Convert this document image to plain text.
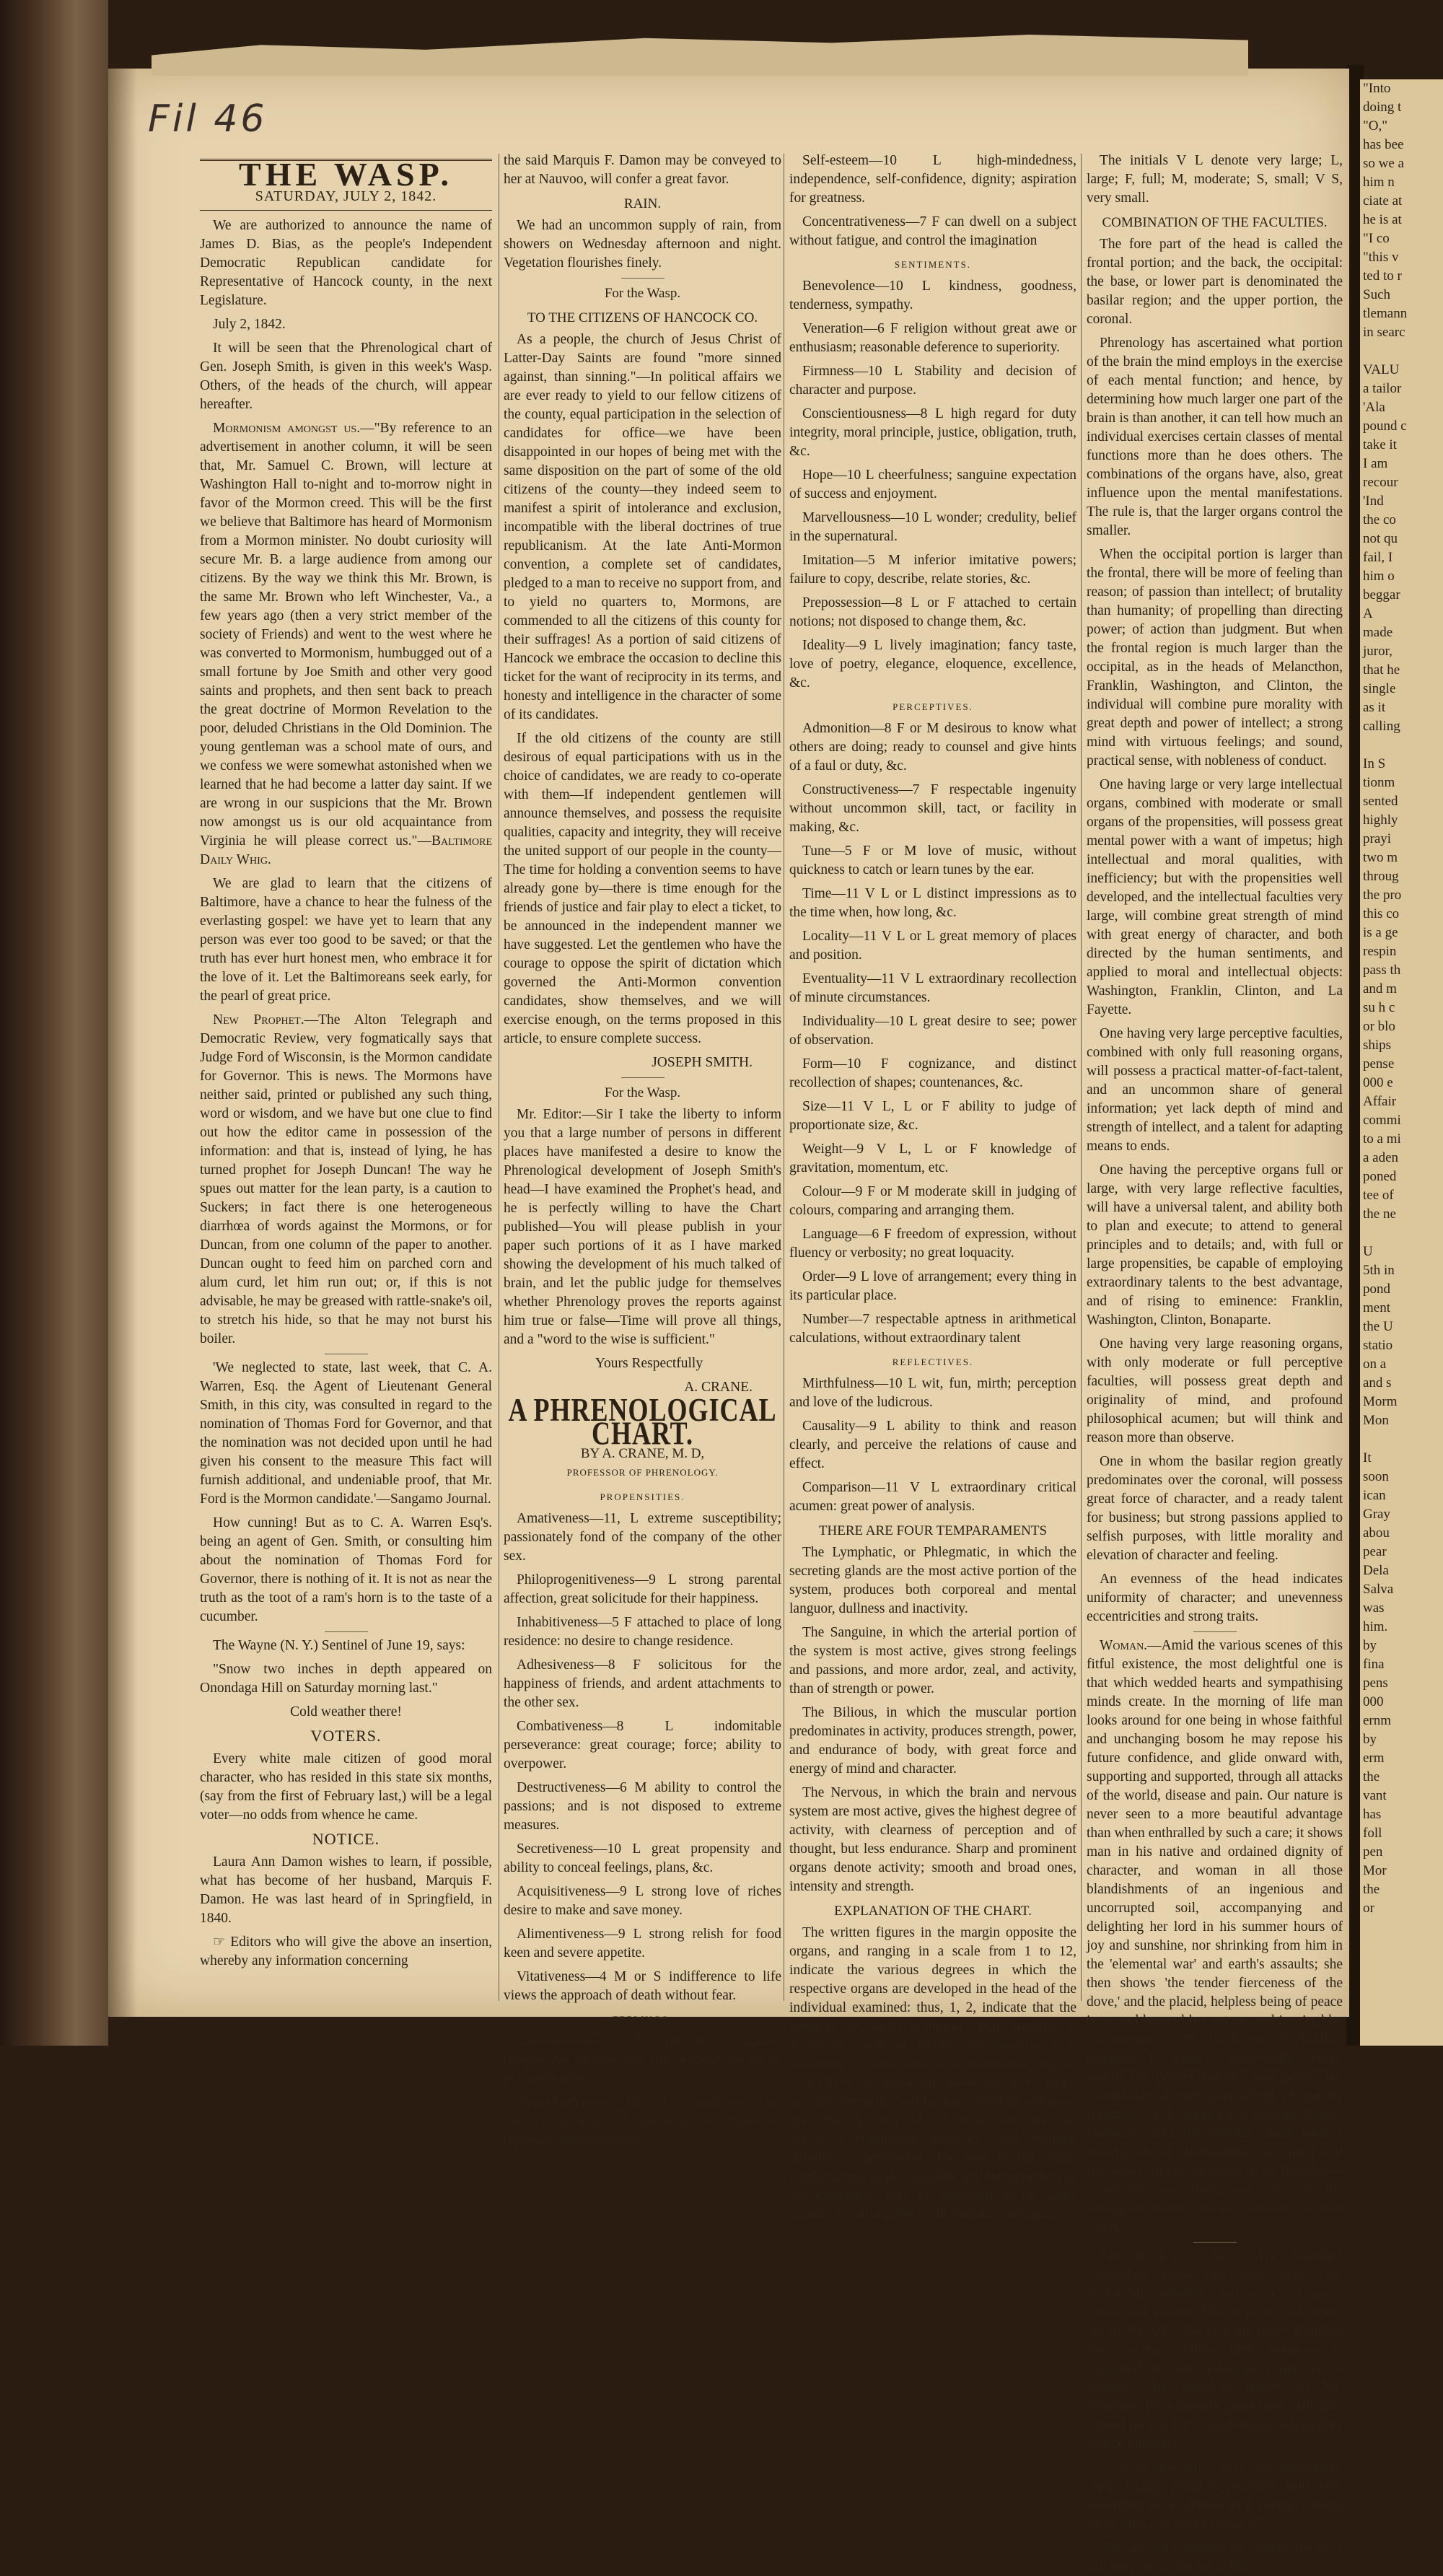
"Into
doing t
"O,"
has bee
so we a
him n
ciate at
he is at
"I co
"this v
ted to r
Such
tlemann
in searc

VALU
a tailor
'Ala
pound c
take it
I am
recour
'Ind
the co
not qu
fail, I
him o
beggar
A
made
juror,
that he
single
as it
calling

In S
tionm
sented
highly
prayi
two m
throug
the pro
this co
is a ge
respin
pass th
and m
su h c
or blo
ships
pense
000 e
Affair
commi
to a mi
a aden
poned
tee of
the ne

U
5th in
pond
ment
the U
statio
on a
and s
Morm
Mon

It
soon
ican
Gray
abou
pear
Dela
Salva
was
him.
by
fina
pens
000
ernm
by
erm
the
vant
has
foll
pen
Mor
the
or
Fil 46
THE WASP.
SATURDAY, JULY 2, 1842.

We are authorized to announce the name of James D. Bias, as the people's Independent Democratic Republican candidate for Representative of Hancock county, in the next Legislature.

July 2, 1842.

It will be seen that the Phrenological chart of Gen. Joseph Smith, is given in this week's Wasp. Others, of the heads of the church, will appear hereafter.

Mormonism amongst us.—"By reference to an advertisement in another column, it will be seen that, Mr. Samuel C. Brown, will lecture at Washington Hall to-night and to-morrow night in favor of the Mormon creed. This will be the first we believe that Baltimore has heard of Mormonism from a Mormon minister. No doubt curiosity will secure Mr. B. a large audience from among our citizens. By the way we think this Mr. Brown, is the same Mr. Brown who left Winchester, Va., a few years ago (then a very strict member of the society of Friends) and went to the west where he was converted to Mormonism, humbugged out of a small fortune by Joe Smith and other very good saints and prophets, and then sent back to preach the great doctrine of Mormon Revelation to the poor, deluded Christians in the Old Dominion. The young gentleman was a school mate of ours, and we confess we were somewhat astonished when we learned that he had become a latter day saint. If we are wrong in our suspicions that the Mr. Brown now amongst us is our old acquaintance from Virginia he will please correct us."—Baltimore Daily Whig.

We are glad to learn that the citizens of Baltimore, have a chance to hear the fulness of the everlasting gospel: we have yet to learn that any person was ever too good to be saved; or that the truth has ever hurt honest men, who embrace it for the love of it. Let the Baltimoreans seek early, for the pearl of great price.

New Prophet.—The Alton Telegraph and Democratic Review, very fogmatically says that Judge Ford of Wisconsin, is the Mormon candidate for Governor. This is news. The Mormons have neither said, printed or published any such thing, word or wisdom, and we have but one clue to find out how the editor came in possession of the information: and that is, instead of lying, he has turned prophet for Joseph Duncan! The way he spues out matter for the lean party, is a caution to Suckers; in fact there is one heterogeneous diarrhœa of words against the Mormons, or for Duncan, from one column of the paper to another. Duncan ought to feed him on parched corn and alum curd, let him run out; or, if this is not advisable, he may be greased with rattle-snake's oil, to stretch his hide, so that he may not burst his boiler.

'We neglected to state, last week, that C. A. Warren, Esq. the Agent of Lieutenant General Smith, in this city, was consulted in regard to the nomination of Thomas Ford for Governor, and that the nomination was not decided upon until he had given his consent to the measure This fact will furnish additional, and undeniable proof, that Mr. Ford is the Mormon candidate.'—Sangamo Journal.

How cunning! But as to C. A. Warren Esq's. being an agent of Gen. Smith, or consulting him about the nomination of Thomas Ford for Governor, there is nothing of it. It is not as near the truth as the toot of a ram's horn is to the taste of a cucumber.

The Wayne (N. Y.) Sentinel of June 19, says:

"Snow two inches in depth appeared on Onondaga Hill on Saturday morning last."

Cold weather there!

VOTERS.

Every white male citizen of good moral character, who has resided in this state six months, (say from the first of February last,) will be a legal voter—no odds from whence he came.

NOTICE.

Laura Ann Damon wishes to learn, if possible, what has become of her husband, Marquis F. Damon. He was last heard of in Springfield, in 1840.

☞ Editors who will give the above an insertion, whereby any information concerning

the said Marquis F. Damon may be conveyed to her at Nauvoo, will confer a great favor.

RAIN.

We had an uncommon supply of rain, from showers on Wednesday afternoon and night. Vegetation flourishes finely.

For the Wasp.
TO THE CITIZENS OF HANCOCK CO.

As a people, the church of Jesus Christ of Latter-Day Saints are found "more sinned against, than sinning."—In political affairs we are ever ready to yield to our fellow citizens of the county, equal participation in the selection of candidates for office—we have been disappointed in our hopes of being met with the same disposition on the part of some of the old citizens of the county—they indeed seem to manifest a spirit of intolerance and exclusion, incompatible with the liberal doctrines of true republicanism. At the late Anti-Mormon convention, a complete set of candidates, pledged to a man to receive no support from, and to yield no quarters to, Mormons, are commended to all the citizens of this county for their suffrages! As a portion of said citizens of Hancock we embrace the occasion to decline this ticket for the want of reciprocity in its terms, and honesty and intelligence in the character of some of its candidates.

If the old citizens of the county are still desirous of equal participations with us in the choice of candidates, we are ready to co-operate with them—If independent gentlemen will announce themselves, and possess the requisite qualities, capacity and integrity, they will receive the united support of our people in the county—The time for holding a convention seems to have already gone by—there is time enough for the friends of justice and fair play to elect a ticket, to be announced in the independent manner we have suggested. Let the gentlemen who have the courage to oppose the spirit of dictation which governed the Anti-Mormon convention candidates, show themselves, and we will exercise enough, on the terms proposed in this article, to ensure complete success.

JOSEPH SMITH.

For the Wasp.

Mr. Editor:—Sir I take the liberty to inform you that a large number of persons in different places have manifested a desire to know the Phrenological development of Joseph Smith's head—I have examined the Prophet's head, and he is perfectly willing to have the Chart published—You will please publish in your paper such portions of it as I have marked showing the development of his much talked of brain, and let the public judge for themselves whether Phrenology proves the reports against him true or false—Time will prove all things, and a "word to the wise is sufficient."

Yours Respectfully

A. CRANE.

A PHRENOLOGICAL CHART.
BY A. CRANE, M. D,
PROFESSOR OF PHRENOLOGY.
PROPENSITIES.

Amativeness—11, L extreme susceptibility; passionately fond of the company of the other sex.

Philoprogenitiveness—9 L strong parental affection, great solicitude for their happiness.

Inhabitiveness—5 F attached to place of long residence: no desire to change residence.

Adhesiveness—8 F solicitous for the happiness of friends, and ardent attachments to the other sex.

Combativeness—8 L indomitable perseverance: great courage; force; ability to overpower.

Destructiveness—6 M ability to control the passions; and is not disposed to extreme measures.

Secretiveness—10 L great propensity and ability to conceal feelings, plans, &c.

Acquisitiveness—9 L strong love of riches desire to make and save money.

Alimentiveness—9 L strong relish for food keen and severe appetite.

Vitativeness—4 M or S indifference to life views the approach of death without fear.

FEELINGS.

Cautiousness—7 F provision against prospective dangers and ills, without hesitation or irresolution.

Approbativeness—10 L ambition for distinction; sense of character; sensibility to reproach; fear of scandal.

Self-esteem—10 L high-mindedness, independence, self-confidence, dignity; aspiration for greatness.

Concentrativeness—7 F can dwell on a subject without fatigue, and control the imagination

SENTIMENTS.

Benevolence—10 L kindness, goodness, tenderness, sympathy.

Veneration—6 F religion without great awe or enthusiasm; reasonable deference to superiority.

Firmness—10 L Stability and decision of character and purpose.

Conscientiousness—8 L high regard for duty integrity, moral principle, justice, obligation, truth, &c.

Hope—10 L cheerfulness; sanguine expectation of success and enjoyment.

Marvellousness—10 L wonder; credulity, belief in the supernatural.

Imitation—5 M inferior imitative powers; failure to copy, describe, relate stories, &c.

Prepossession—8 L or F attached to certain notions; not disposed to change them, &c.

Ideality—9 L lively imagination; fancy taste, love of poetry, elegance, eloquence, excellence, &c.

PERCEPTIVES.

Admonition—8 F or M desirous to know what others are doing; ready to counsel and give hints of a faul or duty, &c.

Constructiveness—7 F respectable ingenuity without uncommon skill, tact, or facility in making, &c.

Tune—5 F or M love of music, without quickness to catch or learn tunes by the ear.

Time—11 V L or L distinct impressions as to the time when, how long, &c.

Locality—11 V L or L great memory of places and position.

Eventuality—11 V L extraordinary recollection of minute circumstances.

Individuality—10 L great desire to see; power of observation.

Form—10 F cognizance, and distinct recollection of shapes; countenances, &c.

Size—11 V L, L or F ability to judge of proportionate size, &c.

Weight—9 V L, L or F knowledge of gravitation, momentum, etc.

Colour—9 F or M moderate skill in judging of colours, comparing and arranging them.

Language—6 F freedom of expression, without fluency or verbosity; no great loquacity.

Order—9 L love of arrangement; every thing in its particular place.

Number—7 respectable aptness in arithmetical calculations, without extraordinary talent

REFLECTIVES.

Mirthfulness—10 L wit, fun, mirth; perception and love of the ludicrous.

Causality—9 L ability to think and reason clearly, and perceive the relations of cause and effect.

Comparison—11 V L extraordinary critical acumen: great power of analysis.

THERE ARE FOUR TEMPARAMENTS

The Lymphatic, or Phlegmatic, in which the secreting glands are the most active portion of the system, produces both corporeal and mental languor, dullness and inactivity.

The Sanguine, in which the arterial portion of the system is most active, gives strong feelings and passions, and more ardor, zeal, and activity, than of strength or power.

The Bilious, in which the muscular portion predominates in activity, produces strength, power, and endurance of body, with great force and energy of mind and character.

The Nervous, in which the brain and nervous system are most active, gives the highest degree of activity, with clearness of perception and of thought, but less endurance. Sharp and prominent organs denote activity; smooth and broad ones, intensity and strength.

EXPLANATION OF THE CHART.

The written figures in the margin opposite the organs, and ranging in a scale from 1 to 12, indicate the various degrees in which the respective organs are developed in the head of the individual examined: thus, 1, 2, indicate that the organ is very small, or almost wholly wanting; 3, 4, means small, or feeble, and inactive; 5, 6 moderate, or active only in a subordinate degree, 7, 8, full or fair, and a little above par; 9, 10, large, or quite energetic, and having a marked influence upon the character; 11, 12, mean very large, or giving a controlling influence, and extreme liability to perversion. The size of the brain, combinations of the faculties, and temperament of the individual, may be indicated in the same manner as the degrees of the faculties or organs.

The initials V L denote very large; L, large; F, full; M, moderate; S, small; V S, very small.

COMBINATION OF THE FACULTIES.

The fore part of the head is called the frontal portion; and the back, the occipital: the base, or lower part is denominated the basilar region; and the upper portion, the coronal.

Phrenology has ascertained what portion of the brain the mind employs in the exercise of each mental function; and hence, by determining how much larger one part of the brain is than another, it can tell how much an individual exercises certain classes of mental functions more than he does others. The combinations of the organs have, also, great influence upon the mental manifestations. The rule is, that the larger organs control the smaller.

When the occipital portion is larger than the frontal, there will be more of feeling than reason; of passion than intellect; of brutality than humanity; of propelling than directing power; of action than judgment. But when the frontal region is much larger than the occipital, as in the heads of Melancthon, Franklin, Washington, and Clinton, the individual will combine pure morality with great depth and power of intellect; a strong mind with virtuous feelings; and sound, practical sense, with nobleness of conduct.

One having large or very large intellectual organs, combined with moderate or small organs of the propensities, will possess great mental power with a want of impetus; high intellectual and moral qualities, with inefficiency; but with the propensities well developed, and the intellectual faculties very large, will combine great strength of mind with great energy of character, and both directed by the human sentiments, and applied to moral and intellectual objects: Washington, Franklin, Clinton, and La Fayette.

One having very large perceptive faculties, combined with only full reasoning organs, will possess a practical matter-of-fact-talent, and an uncommon share of general information; yet lack depth of mind and strength of intellect, and a talent for adapting means to ends.

One having the perceptive organs full or large, with very large reflective faculties, will have a universal talent, and ability both to plan and execute; to attend to general principles and to details; and, with full or large propensities, be capable of employing extraordinary talents to the best advantage, and of rising to eminence: Franklin, Washington, Clinton, Bonaparte.

One having very large reasoning organs, with only moderate or full perceptive faculties, will possess great depth and originality of mind, and profound philosophical acumen; but will think and reason more than observe.

One in whom the basilar region greatly predominates over the coronal, will possess great force of character, and a ready talent for business; but strong passions applied to selfish purposes, with little morality and elevation of character and feeling.

An evenness of the head indicates uniformity of character; and unevenness eccentricities and strong traits.

Woman.—Amid the various scenes of this fitful existence, the most delightful one is that which wedded hearts and sympathising minds create. In the morning of life man looks around for one being in whose faithful and unchanging bosom he may repose his future confidence, and glide onward with, supporting and supported, through all attacks of the world, disease and pain. Our nature is never seen to a more beautiful advantage than when enthralled by such a care; it shows man in his native and ordained dignity of character, and woman in all those blandishments of an ingenious and uncorrupted soil, accompanying and delighting her lord in his summer hours of joy and sunshine, nor shrinking from him in the 'elemental war' and earth's assaults; she then shows 'the tender fierceness of the dove,' and the placid, helpless being of peace is nerved beyond her nature, and inspired by circumstance, with the feeling of Apollo's priestess. In women, confessedly, nature asserts her greater nobility and power; the disposition of men may admit of greater constancy of decision, but it is to the female character alone to embody itself with a feeling almost supernatural—to spurn and rise above all circumstance in the decision—to attempt every thing, and evince, by the daring, the beauty, and the valuation of such effort.

The Russian Clergy.—The Russians themselves allow that their clergy are deplorably ignorant, and in many cases coarse and vicious. This is pretty well borne out by the fact, that they are never admitted into society, unless their presence is requested at some religious ceremony or festival. The anecdote related to Mr. Venables, by a Russian gentleman, will give a good idea of the degradation to which they reduce themselves.

"Passing one day," says that gentleman, "near a large group of peasants, who were assembled in the middle of a village, I asked them what was going forward."

"We are only putting the father (as they call the priest) into the cellar."
